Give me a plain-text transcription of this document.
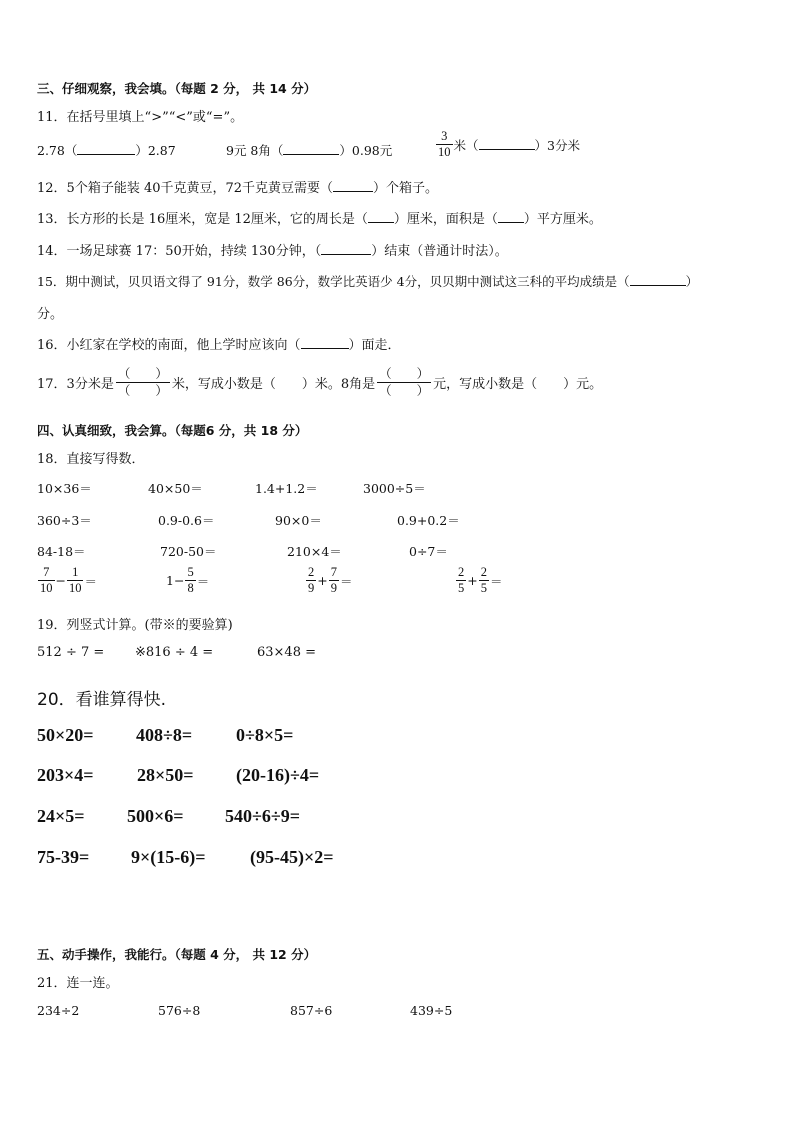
三、仔细观察，我会填。（每题 2 分， 共 14 分）
11．在括号里填上“>”“<”或“=”。
2.78（	）2.87	9元 8角（	）0.98元	$\frac{3}{10}$ 米（	）3分米
12．5个箱子能装 40千克黄豆，72千克黄豆需要（	）个箱子。
13．长方形的长是 16厘米，宽是 12厘米，它的周长是（ ）厘米，面积是（ ）平方厘米。
14．一场足球赛 17：50开始，持续 130分钟，（	）结束（普通计时法）。
15．期中测试，贝贝语文得了 91分，数学 86分，数学比英语少 4分，贝贝期中测试这三科的平均成绩是（	）
分。
16．小红家在学校的南面，他上学时应该向（	）面走．
17．3分米是
（　　）
（　　） 米，写成小数是（　　）米。8角是
（　　）
（　　） 元，写成小数是（　　）元。
四、认真细致，我会算。（每题6 分，共 18 分）
18．直接写得数．
10×36＝	40×50＝	1.4+1.2＝	3000÷5＝
360÷3＝	0.9-0.6＝	90×0＝	0.9+0.2＝
84-18＝	720-50＝	210×4＝	0÷7＝
$\frac{7}{10} - \frac{1}{10}$ ＝	$1- \frac{5}{8}$ ＝	$\frac{2}{9} + \frac{7}{9}$ ＝	$\frac{2}{5} + \frac{2}{5}$ ＝
19．列竖式计算。(带※的要验算)
512 ÷ 7 = ※816 ÷ 4 =	63×48 =
20．看谁算得快.
50×20= 408÷8= 0÷8×5=
203×4= 28×50= (20-16)÷4=
24×5= 500×6= 540÷6÷9=
75-39= 9×(15-6)= (95-45)×2=
五、动手操作，我能行。（每题 4 分， 共 12 分）
21．连一连。
234÷2	576÷8	857÷6	439÷5
